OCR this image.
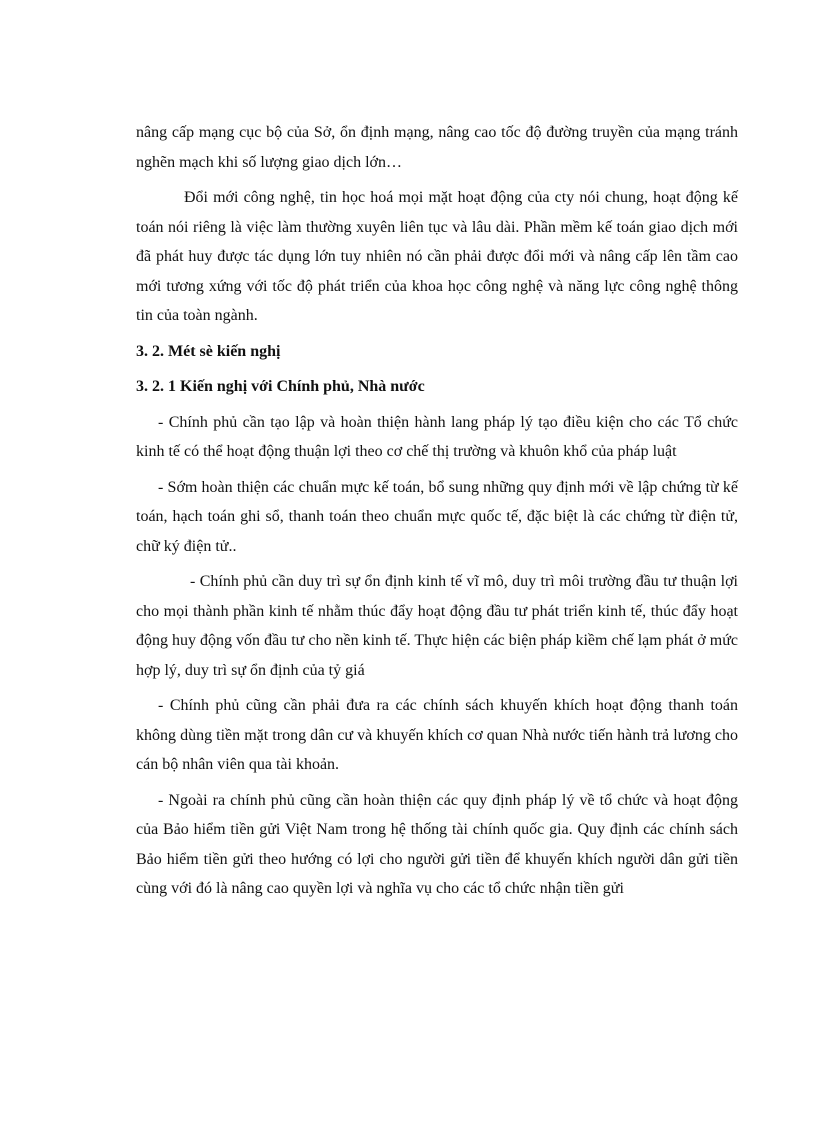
nâng cấp mạng cục bộ của Sở, ổn định mạng, nâng cao tốc độ đường truyền của mạng tránh nghẽn mạch khi số lượng giao dịch lớn…

Đổi mới công nghệ, tin học hoá mọi mặt hoạt động của cty nói chung, hoạt động kế toán nói riêng là việc làm thường xuyên liên tục và lâu dài. Phần mềm kế toán giao dịch mới đã phát huy được tác dụng lớn tuy nhiên nó cần phải được đổi mới và nâng cấp lên tầm cao mới tương xứng với tốc độ phát triển của khoa học công nghệ và năng lực công nghệ thông tin của toàn ngành.

3. 2. Mét sè kiến nghị

3. 2. 1 Kiến nghị với Chính phủ, Nhà nước

- Chính phủ cần tạo lập và hoàn thiện hành lang pháp lý tạo điều kiện cho các Tổ chức kinh tế có thể hoạt động thuận lợi theo cơ chế thị trường và khuôn khổ của pháp luật

- Sớm hoàn thiện các chuẩn mực kế toán, bổ sung những quy định mới về lập chứng từ kế toán, hạch toán ghi sổ, thanh toán theo chuẩn mực quốc tế, đặc biệt là các chứng từ điện tử, chữ ký điện tử..

- Chính phủ cần duy trì sự ổn định kinh tế vĩ mô, duy trì môi trường đầu tư thuận lợi cho mọi thành phần kinh tế nhằm thúc đẩy hoạt động đầu tư phát triển kinh tế, thúc đẩy hoạt động huy động vốn đầu tư cho nền kinh tế. Thực hiện các biện pháp kiềm chế lạm phát ở mức hợp lý, duy trì sự ổn định của tỷ giá

- Chính phủ cũng cần phải đưa ra các chính sách khuyến khích hoạt động thanh toán không dùng tiền mặt trong dân cư và khuyến khích cơ quan Nhà nước tiến hành trả lương cho cán bộ nhân viên qua tài khoản.

- Ngoài ra chính phủ cũng cần hoàn thiện các quy định pháp lý về tổ chức và hoạt động của Bảo hiểm tiền gửi Việt Nam trong hệ thống tài chính quốc gia. Quy định các chính sách Bảo hiểm tiền gửi theo hướng có lợi cho người gửi tiền để khuyến khích người dân gửi tiền cùng với đó là nâng cao quyền lợi và nghĩa vụ cho các tổ chức nhận tiền gửi
